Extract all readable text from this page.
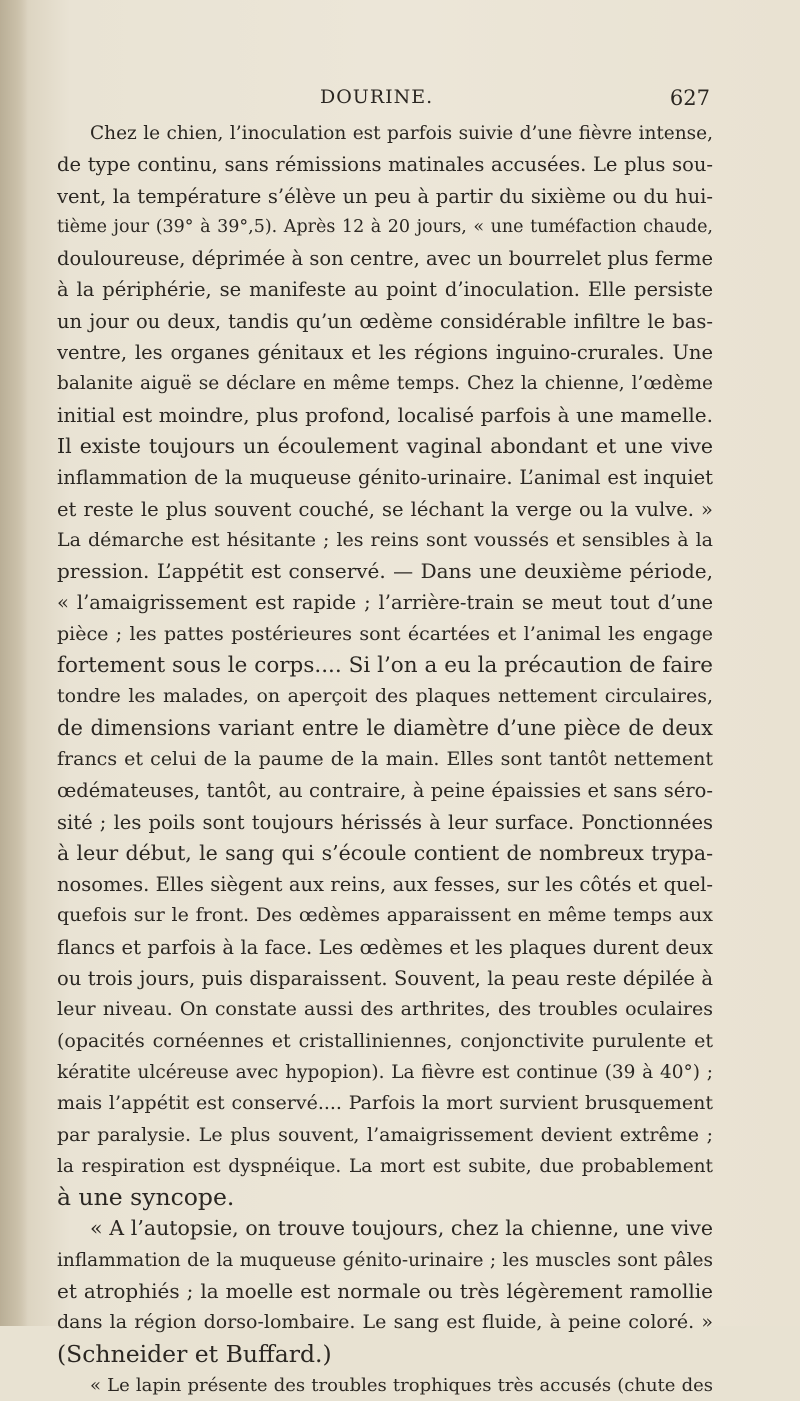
DOURINE.	627
Chez le chien, l’inoculation est parfois suivie d’une fièvre intense,
de type continu, sans rémissions matinales accusées. Le plus sou-
vent, la température s’élève un peu à partir du sixième ou du hui-
tième jour (39° à 39°,5). Après 12 à 20 jours, « une tuméfaction chaude,
douloureuse, déprimée à son centre, avec un bourrelet plus ferme
à la périphérie, se manifeste au point d’inoculation. Elle persiste
un jour ou deux, tandis qu’un œdème considérable infiltre le bas-
ventre, les organes génitaux et les régions inguino-crurales. Une
balanite aiguë se déclare en même temps. Chez la chienne, l’œdème
initial est moindre, plus profond, localisé parfois à une mamelle.
Il existe toujours un écoulement vaginal abondant et une vive
inflammation de la muqueuse génito-urinaire. L’animal est inquiet
et reste le plus souvent couché, se léchant la verge ou la vulve. »
La démarche est hésitante ; les reins sont voussés et sensibles à la
pression. L’appétit est conservé. — Dans une deuxième période,
« l’amaigrissement est rapide ; l’arrière-train se meut tout d’une
pièce ; les pattes postérieures sont écartées et l’animal les engage
fortement sous le corps.... Si l’on a eu la précaution de faire
tondre les malades, on aperçoit des plaques nettement circulaires,
de dimensions variant entre le diamètre d’une pièce de deux
francs et celui de la paume de la main. Elles sont tantôt nettement
œdémateuses, tantôt, au contraire, à peine épaissies et sans séro-
sité ; les poils sont toujours hérissés à leur surface. Ponctionnées
à leur début, le sang qui s’écoule contient de nombreux trypa-
nosomes. Elles siègent aux reins, aux fesses, sur les côtés et quel-
quefois sur le front. Des œdèmes apparaissent en même temps aux
flancs et parfois à la face. Les œdèmes et les plaques durent deux
ou trois jours, puis disparaissent. Souvent, la peau reste dépilée à
leur niveau. On constate aussi des arthrites, des troubles oculaires
(opacités cornéennes et cristalliniennes, conjonctivite purulente et
kératite ulcéreuse avec hypopion). La fièvre est continue (39 à 40°) ;
mais l’appétit est conservé.... Parfois la mort survient brusquement
par paralysie. Le plus souvent, l’amaigrissement devient extrême ;
la respiration est dyspnéique. La mort est subite, due probablement
à une syncope.
« A l’autopsie, on trouve toujours, chez la chienne, une vive
inflammation de la muqueuse génito-urinaire ; les muscles sont pâles
et atrophiés ; la moelle est normale ou très légèrement ramollie
dans la région dorso-lombaire. Le sang est fluide, à peine coloré. »
(Schneider et Buffard.)
« Le lapin présente des troubles trophiques très accusés (chute des
